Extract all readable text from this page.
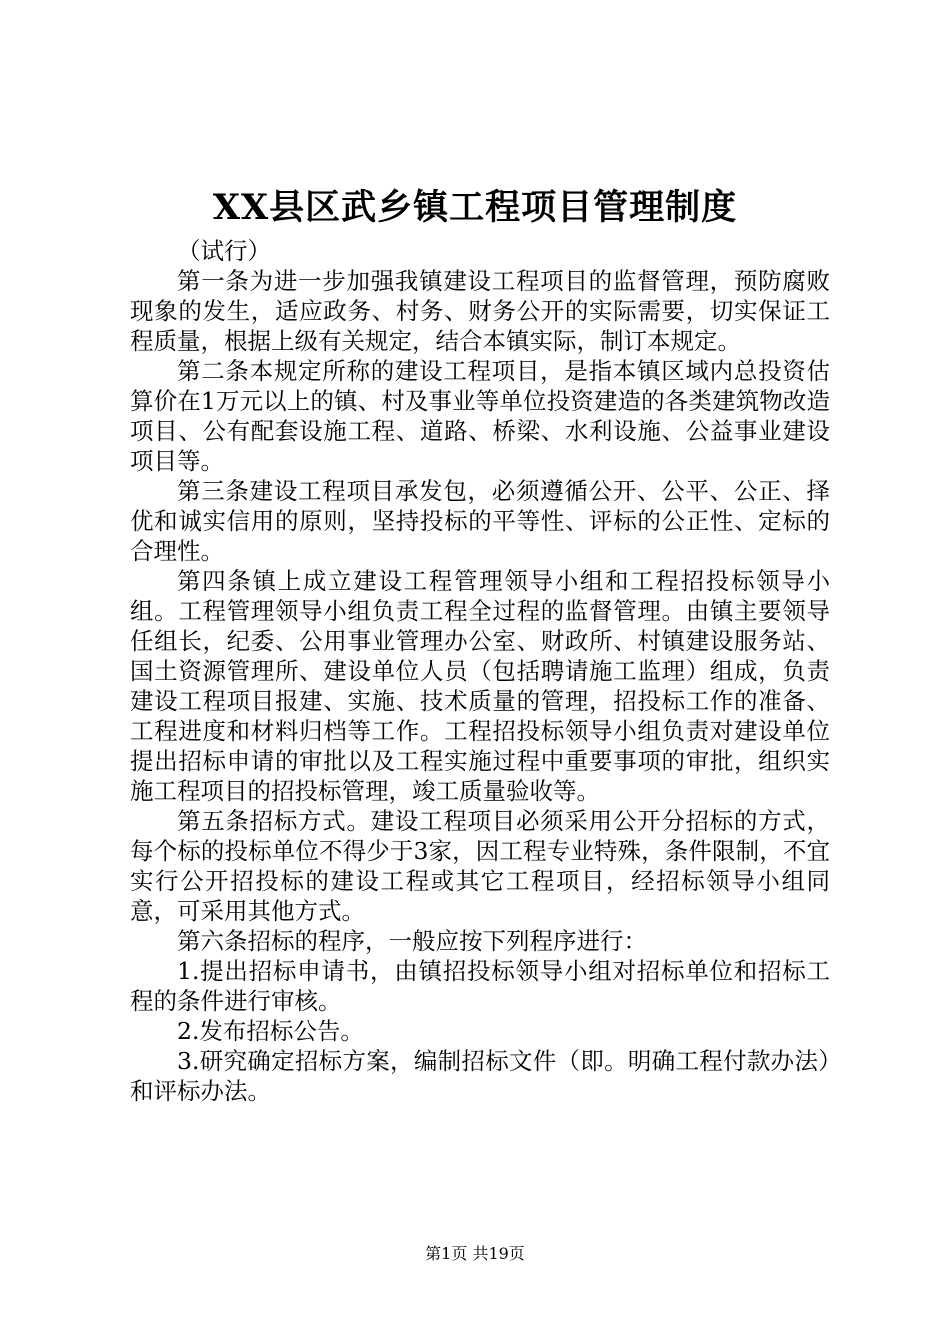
XX县区武乡镇工程项目管理制度

（试行）

第一条为进一步加强我镇建设工程项目的监督管理，预防腐败现象的发生，适应政务、村务、财务公开的实际需要，切实保证工程质量，根据上级有关规定，结合本镇实际，制订本规定。

第二条本规定所称的建设工程项目，是指本镇区域内总投资估算价在1万元以上的镇、村及事业等单位投资建造的各类建筑物改造项目、公有配套设施工程、道路、桥梁、水利设施、公益事业建设项目等。

第三条建设工程项目承发包，必须遵循公开、公平、公正、择优和诚实信用的原则，坚持投标的平等性、评标的公正性、定标的合理性。

第四条镇上成立建设工程管理领导小组和工程招投标领导小组。工程管理领导小组负责工程全过程的监督管理。由镇主要领导任组长，纪委、公用事业管理办公室、财政所、村镇建设服务站、国土资源管理所、建设单位人员（包括聘请施工监理）组成，负责建设工程项目报建、实施、技术质量的管理，招投标工作的准备、工程进度和材料归档等工作。工程招投标领导小组负责对建设单位提出招标申请的审批以及工程实施过程中重要事项的审批，组织实施工程项目的招投标管理，竣工质量验收等。

第五条招标方式。建设工程项目必须采用公开分招标的方式，每个标的投标单位不得少于3家，因工程专业特殊，条件限制，不宜实行公开招投标的建设工程或其它工程项目，经招标领导小组同意，可采用其他方式。

第六条招标的程序，一般应按下列程序进行：

1.提出招标申请书，由镇招投标领导小组对招标单位和招标工程的条件进行审核。

2.发布招标公告。

3.研究确定招标方案，编制招标文件（即。明确工程付款办法）和评标办法。

第1页 共19页
